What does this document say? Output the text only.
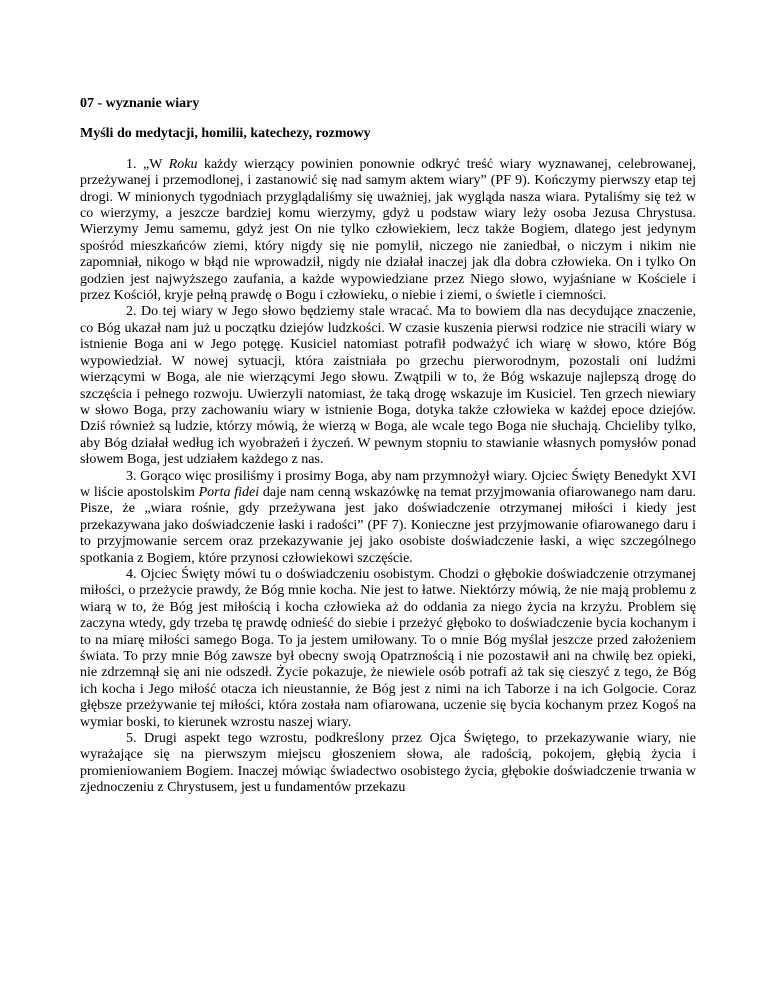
07 - wyznanie wiary

Myśli do medytacji, homilii, katechezy, rozmowy

1. „W Roku każdy wierzący powinien ponownie odkryć treść wiary wyznawanej, celebrowanej, przeżywanej i przemodlonej, i zastanowić się nad samym aktem wiary” (PF 9). Kończymy pierwszy etap tej drogi. W minionych tygodniach przyglądaliśmy się uważniej, jak wygląda nasza wiara. Pytaliśmy się też w co wierzymy, a jeszcze bardziej komu wierzymy, gdyż u podstaw wiary leży osoba Jezusa Chrystusa. Wierzymy Jemu samemu, gdyż jest On nie tylko człowiekiem, lecz także Bogiem, dlatego jest jedynym spośród mieszkańców ziemi, który nigdy się nie pomylił, niczego nie zaniedbał, o niczym i nikim nie zapomniał, nikogo w błąd nie wprowadził, nigdy nie działał inaczej jak dla dobra człowieka. On i tylko On godzien jest najwyższego zaufania, a każde wypowiedziane przez Niego słowo, wyjaśniane w Kościele i przez Kościół, kryje pełną prawdę o Bogu i człowieku, o niebie i ziemi, o świetle i ciemności.

2. Do tej wiary w Jego słowo będziemy stale wracać. Ma to bowiem dla nas decydujące znaczenie, co Bóg ukazał nam już u początku dziejów ludzkości. W czasie kuszenia pierwsi rodzice nie stracili wiary w istnienie Boga ani w Jego potęgę. Kusiciel natomiast potrafił podważyć ich wiarę w słowo, które Bóg wypowiedział. W nowej sytuacji, która zaistniała po grzechu pierworodnym, pozostali oni ludźmi wierzącymi w Boga, ale nie wierzącymi Jego słowu. Zwątpili w to, że Bóg wskazuje najlepszą drogę do szczęścia i pełnego rozwoju. Uwierzyli natomiast, że taką drogę wskazuje im Kusiciel. Ten grzech niewiary w słowo Boga, przy zachowaniu wiary w istnienie Boga, dotyka także człowieka w każdej epoce dziejów. Dziś również są ludzie, którzy mówią, że wierzą w Boga, ale wcale tego Boga nie słuchają. Chcieliby tylko, aby Bóg działał według ich wyobrażeń i życzeń. W pewnym stopniu to stawianie własnych pomysłów ponad słowem Boga, jest udziałem każdego z nas.

3. Gorąco więc prosiliśmy i prosimy Boga, aby nam przymnożył wiary. Ojciec Święty Benedykt XVI w liście apostolskim Porta fidei daje nam cenną wskazówkę na temat przyjmowania ofiarowanego nam daru. Pisze, że „wiara rośnie, gdy przeżywana jest jako doświadczenie otrzymanej miłości i kiedy jest przekazywana jako doświadczenie łaski i radości” (PF 7). Konieczne jest przyjmowanie ofiarowanego daru i to przyjmowanie sercem oraz przekazywanie jej jako osobiste doświadczenie łaski, a więc szczególnego spotkania z Bogiem, które przynosi człowiekowi szczęście.

4. Ojciec Święty mówi tu o doświadczeniu osobistym. Chodzi o głębokie doświadczenie otrzymanej miłości, o przeżycie prawdy, że Bóg mnie kocha. Nie jest to łatwe. Niektórzy mówią, że nie mają problemu z wiarą w to, że Bóg jest miłością i kocha człowieka aż do oddania za niego życia na krzyżu. Problem się zaczyna wtedy, gdy trzeba tę prawdę odnieść do siebie i przeżyć głęboko to doświadczenie bycia kochanym i to na miarę miłości samego Boga. To ja jestem umiłowany. To o mnie Bóg myślał jeszcze przed założeniem świata. To przy mnie Bóg zawsze był obecny swoją Opatrznością i nie pozostawił ani na chwilę bez opieki, nie zdrzemnął się ani nie odszedł. Życie pokazuje, że niewiele osób potrafi aż tak się cieszyć z tego, że Bóg ich kocha i Jego miłość otacza ich nieustannie, że Bóg jest z nimi na ich Taborze i na ich Golgocie. Coraz głębsze przeżywanie tej miłości, która została nam ofiarowana, uczenie się bycia kochanym przez Kogoś na wymiar boski, to kierunek wzrostu naszej wiary.

5. Drugi aspekt tego wzrostu, podkreślony przez Ojca Świętego, to przekazywanie wiary, nie wyrażające się na pierwszym miejscu głoszeniem słowa, ale radością, pokojem, głębią życia i promieniowaniem Bogiem. Inaczej mówiąc świadectwo osobistego życia, głębokie doświadczenie trwania w zjednoczeniu z Chrystusem, jest u fundamentów przekazu
